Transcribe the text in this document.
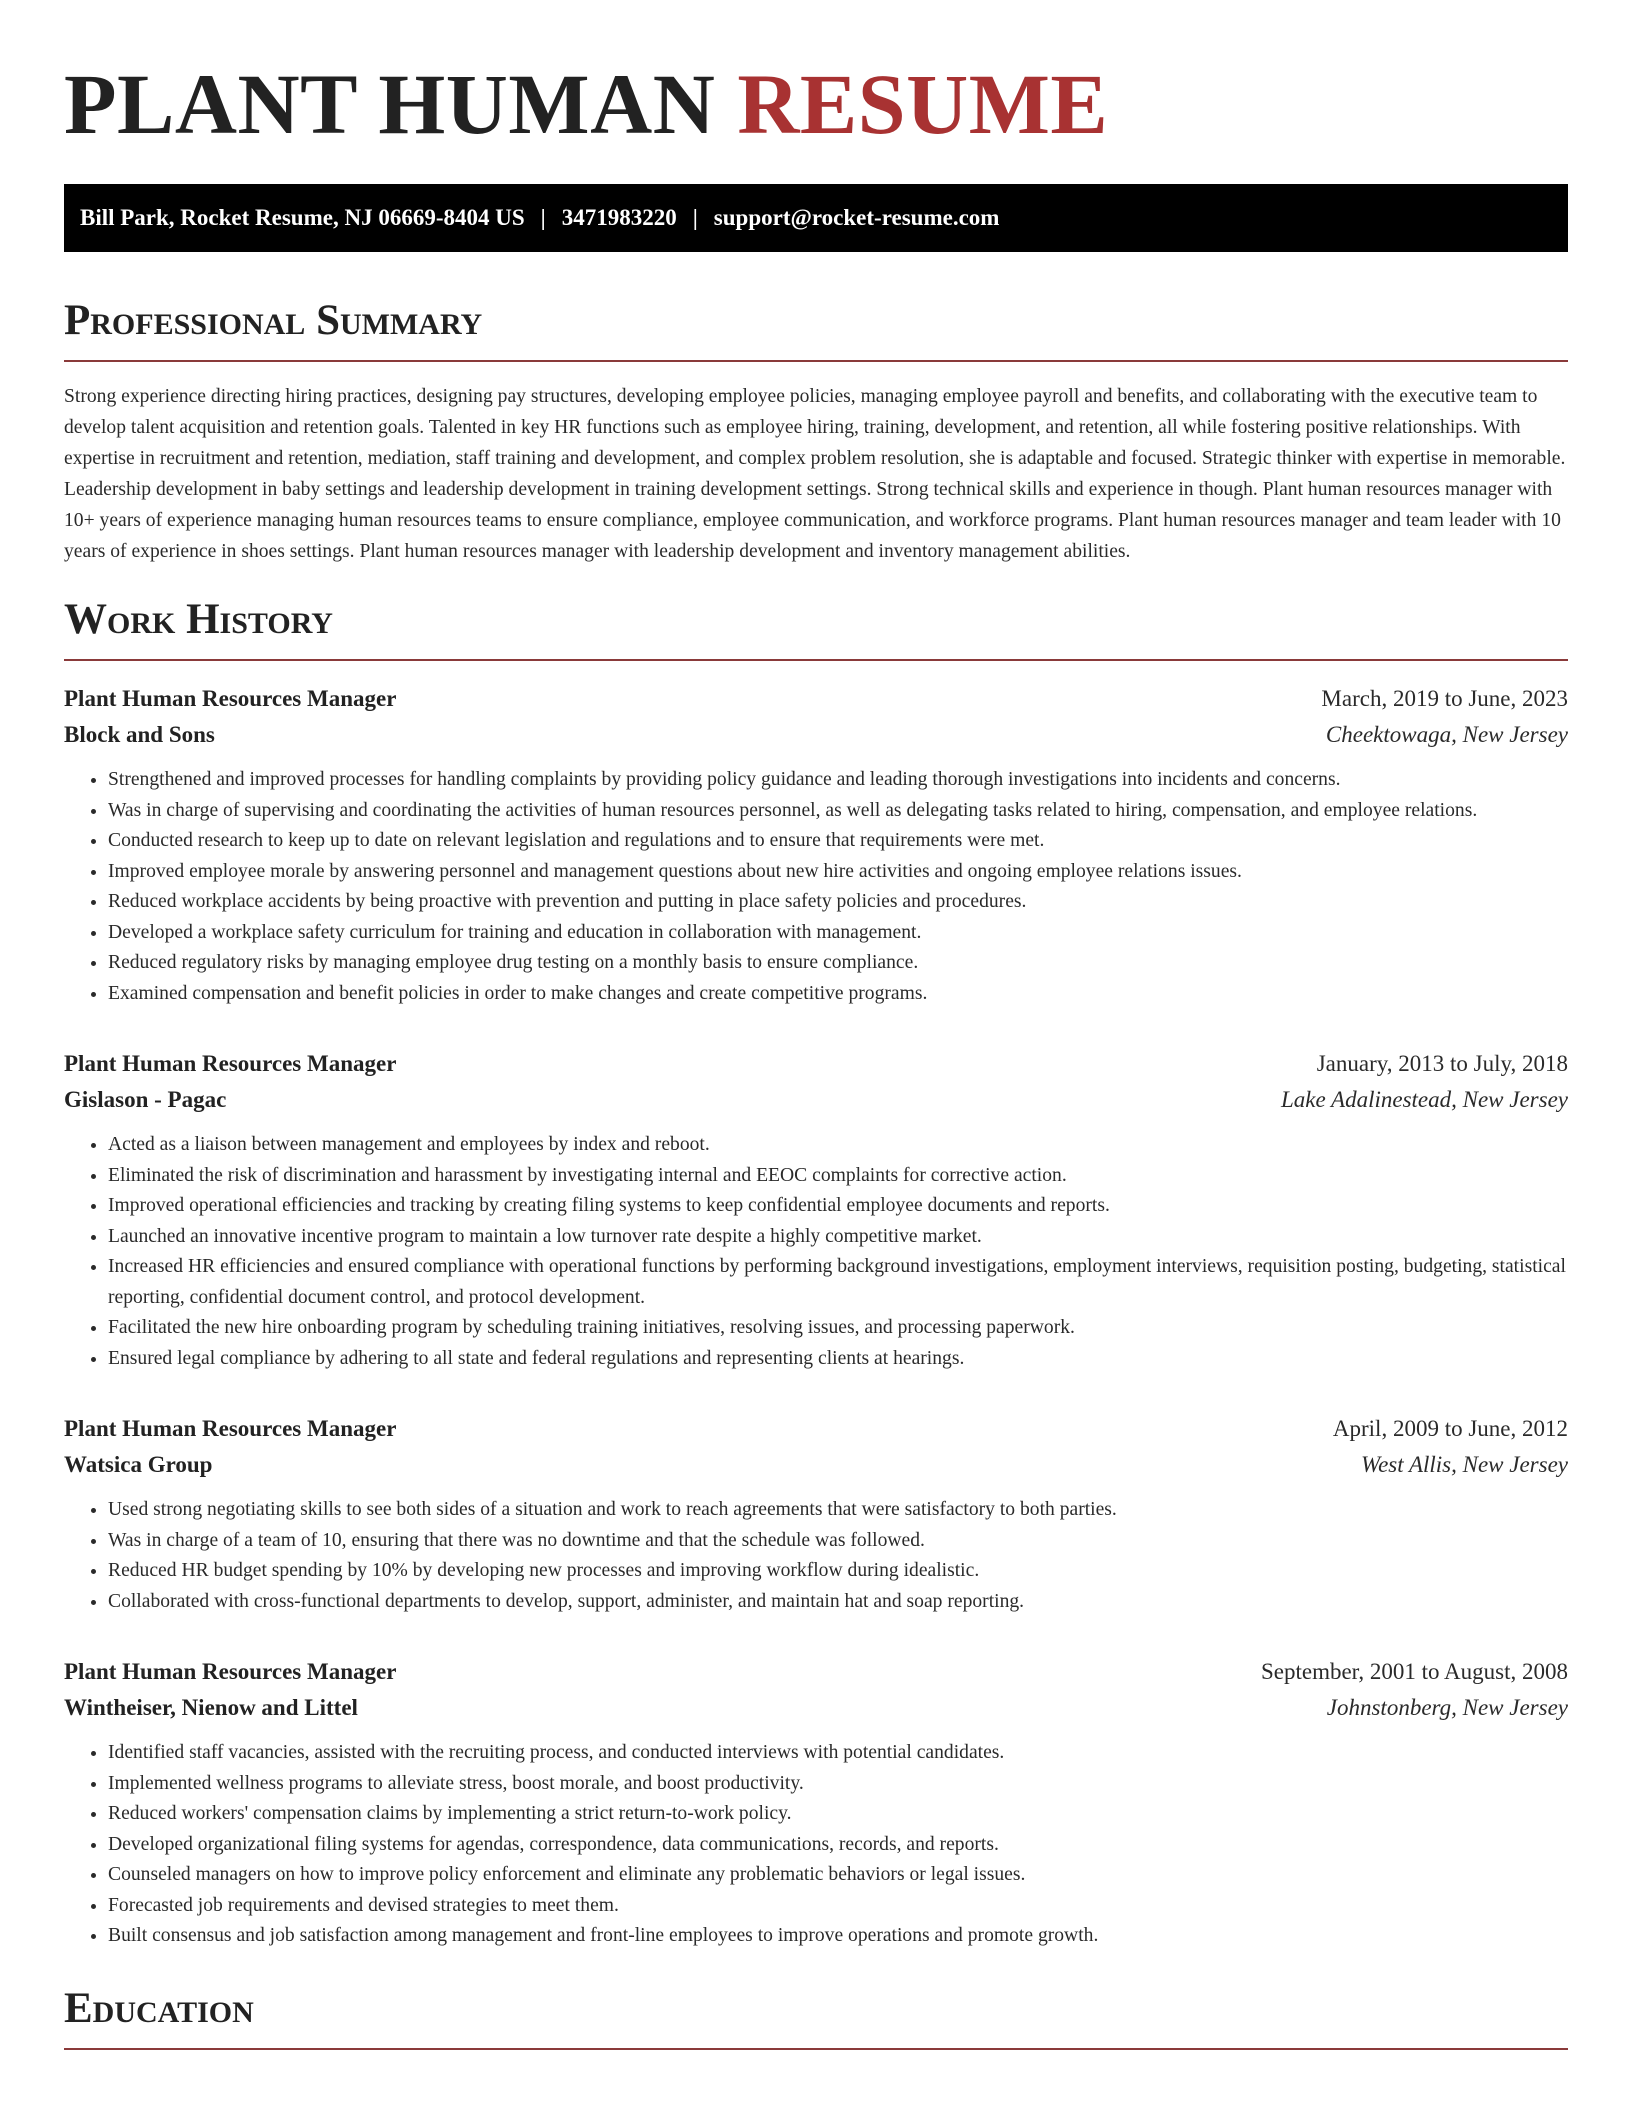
PLANT HUMAN RESUME
Bill Park, Rocket Resume, NJ 06669-8404 US | 3471983220 | support@rocket-resume.com
Professional Summary

Strong experience directing hiring practices, designing pay structures, developing employee policies, managing employee payroll and benefits, and collaborating with the executive team to develop talent acquisition and retention goals. Talented in key HR functions such as employee hiring, training, development, and retention, all while fostering positive relationships. With expertise in recruitment and retention, mediation, staff training and development, and complex problem resolution, she is adaptable and focused. Strategic thinker with expertise in memorable. Leadership development in baby settings and leadership development in training development settings. Strong technical skills and experience in though. Plant human resources manager with 10+ years of experience managing human resources teams to ensure compliance, employee communication, and workforce programs. Plant human resources manager and team leader with 10 years of experience in shoes settings. Plant human resources manager with leadership development and inventory management abilities.

Work History
Plant Human Resources Manager	March, 2019 to June, 2023
Block and Sons	Cheektowaga, New Jersey
• Strengthened and improved processes for handling complaints by providing policy guidance and leading thorough investigations into incidents and concerns.
• Was in charge of supervising and coordinating the activities of human resources personnel, as well as delegating tasks related to hiring, compensation, and employee relations.
• Conducted research to keep up to date on relevant legislation and regulations and to ensure that requirements were met.
• Improved employee morale by answering personnel and management questions about new hire activities and ongoing employee relations issues.
• Reduced workplace accidents by being proactive with prevention and putting in place safety policies and procedures.
• Developed a workplace safety curriculum for training and education in collaboration with management.
• Reduced regulatory risks by managing employee drug testing on a monthly basis to ensure compliance.
• Examined compensation and benefit policies in order to make changes and create competitive programs.
Plant Human Resources Manager	January, 2013 to July, 2018
Gislason - Pagac	Lake Adalinestead, New Jersey
• Acted as a liaison between management and employees by index and reboot.
• Eliminated the risk of discrimination and harassment by investigating internal and EEOC complaints for corrective action.
• Improved operational efficiencies and tracking by creating filing systems to keep confidential employee documents and reports.
• Launched an innovative incentive program to maintain a low turnover rate despite a highly competitive market.
• Increased HR efficiencies and ensured compliance with operational functions by performing background investigations, employment interviews, requisition posting, budgeting, statistical reporting, confidential document control, and protocol development.
• Facilitated the new hire onboarding program by scheduling training initiatives, resolving issues, and processing paperwork.
• Ensured legal compliance by adhering to all state and federal regulations and representing clients at hearings.
Plant Human Resources Manager	April, 2009 to June, 2012
Watsica Group	West Allis, New Jersey
• Used strong negotiating skills to see both sides of a situation and work to reach agreements that were satisfactory to both parties.
• Was in charge of a team of 10, ensuring that there was no downtime and that the schedule was followed.
• Reduced HR budget spending by 10% by developing new processes and improving workflow during idealistic.
• Collaborated with cross-functional departments to develop, support, administer, and maintain hat and soap reporting.
Plant Human Resources Manager	September, 2001 to August, 2008
Wintheiser, Nienow and Littel	Johnstonberg, New Jersey
• Identified staff vacancies, assisted with the recruiting process, and conducted interviews with potential candidates.
• Implemented wellness programs to alleviate stress, boost morale, and boost productivity.
• Reduced workers' compensation claims by implementing a strict return-to-work policy.
• Developed organizational filing systems for agendas, correspondence, data communications, records, and reports.
• Counseled managers on how to improve policy enforcement and eliminate any problematic behaviors or legal issues.
• Forecasted job requirements and devised strategies to meet them.
• Built consensus and job satisfaction among management and front-line employees to improve operations and promote growth.
Education
